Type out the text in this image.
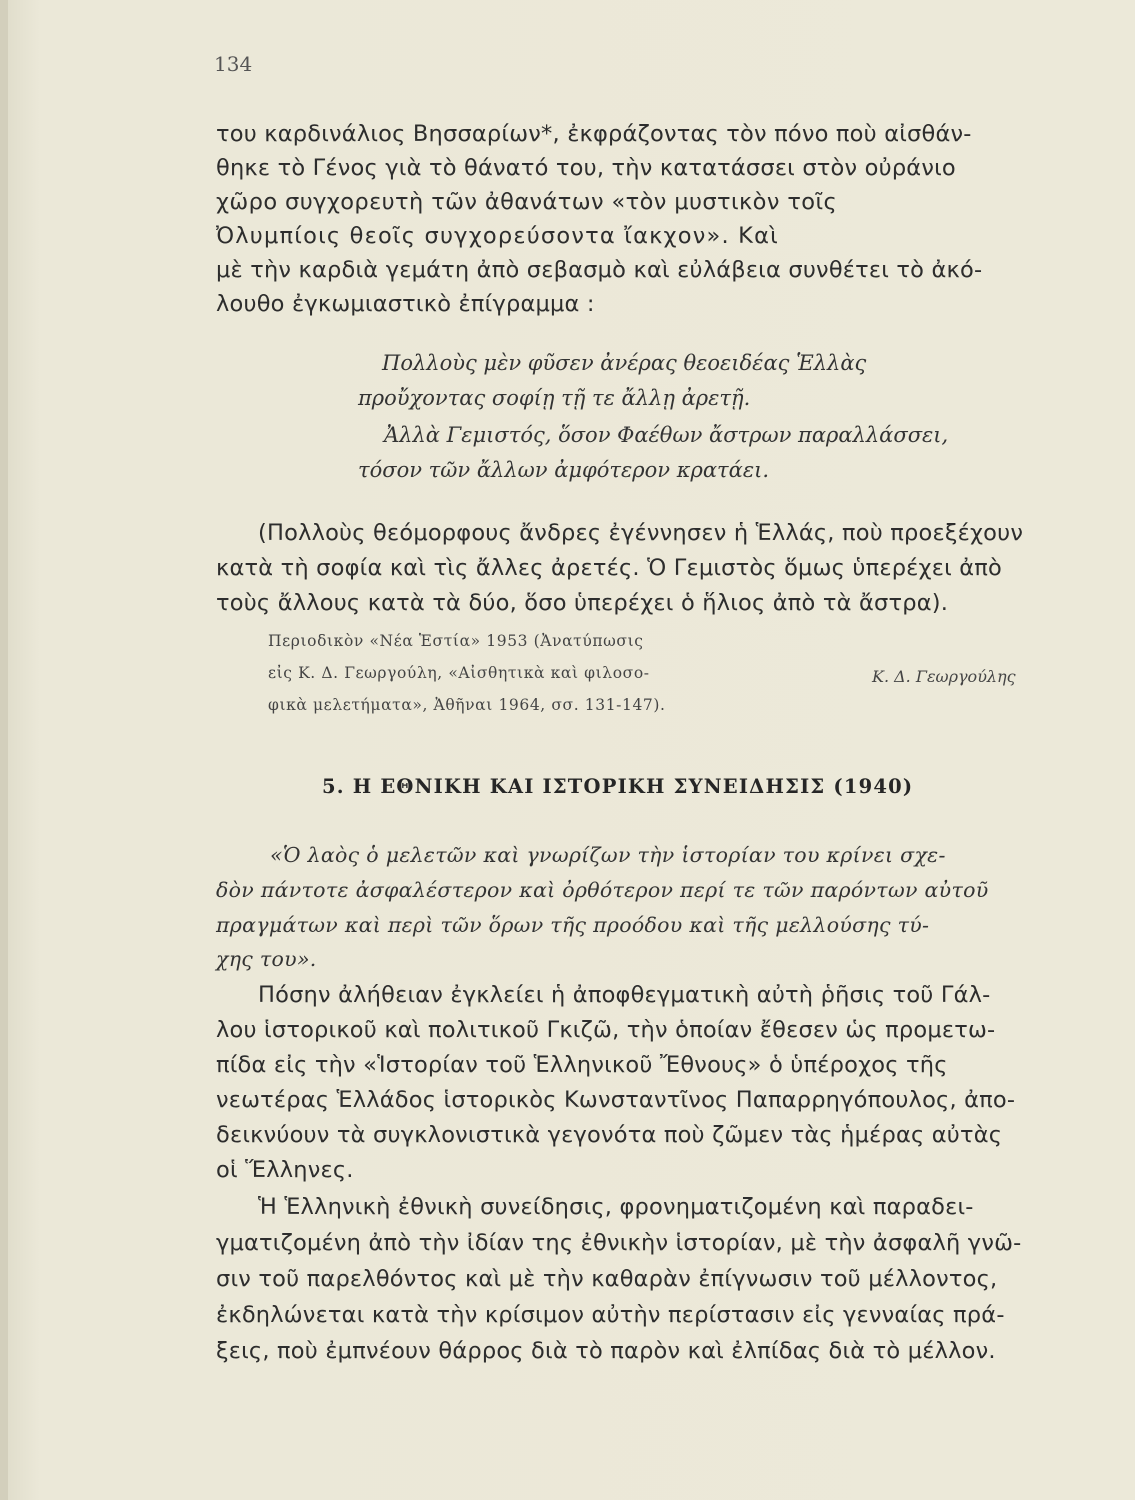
134
του καρδινάλιος Βησσαρίων*, ἐκφράζοντας τὸν πόνο ποὺ αἰσθάν-
θηκε τὸ Γένος γιὰ τὸ θάνατό του, τὴν κατατάσσει στὸν οὐράνιο
χῶρο συγχορευτὴ τῶν ἀθανάτων «τὸν μυστικὸν τοῖς
Ὀλυμπίοις θεοῖς συγχορεύσοντα ἴακχον». Καὶ
μὲ τὴν καρδιὰ γεμάτη ἀπὸ σεβασμὸ καὶ εὐλάβεια συνθέτει τὸ ἀκό-
λουθο ἐγκωμιαστικὸ ἐπίγραμμα :
Πολλοὺς μὲν φῦσεν ἀνέρας θεοειδέας Ἑλλὰς
προὔχοντας σοφίῃ τῇ τε ἄλλῃ ἀρετῇ.
Ἀλλὰ Γεμιστός, ὅσον Φαέθων ἄστρων παραλλάσσει,
τόσον τῶν ἄλλων ἀμφότερον κρατάει.
(Πολλοὺς θεόμορφους ἄνδρες ἐγέννησεν ἡ Ἑλλάς, ποὺ προεξέχουν
κατὰ τὴ σοφία καὶ τὶς ἄλλες ἀρετές. Ὁ Γεμιστὸς ὅμως ὑπερέχει ἀπὸ
τοὺς ἄλλους κατὰ τὰ δύο, ὅσο ὑπερέχει ὁ ἥλιος ἀπὸ τὰ ἄστρα).
Περιοδικὸν «Νέα Ἑστία» 1953 (Ἀνατύπωσις
εἰς Κ. Δ. Γεωργούλη, «Αἰσθητικὰ καὶ φιλοσο-
φικὰ μελετήματα», Ἀθῆναι 1964, σσ. 131-147).
Κ. Δ. Γεωργούλης
5. Η ΕΘΝΙΚΗ ΚΑΙ ΙΣΤΟΡΙΚΗ ΣΥΝΕΙΔΗΣΙΣ (1940)
«Ὁ λαὸς ὁ μελετῶν καὶ γνωρίζων τὴν ἱστορίαν του κρίνει σχε-
δὸν πάντοτε ἀσφαλέστερον καὶ ὀρθότερον περί τε τῶν παρόντων αὐτοῦ
πραγμάτων καὶ περὶ τῶν ὅρων τῆς προόδου καὶ τῆς μελλούσης τύ-
χης του».
Πόσην ἀλήθειαν ἐγκλείει ἡ ἀποφθεγματικὴ αὐτὴ ῥῆσις τοῦ Γάλ-
λου ἱστορικοῦ καὶ πολιτικοῦ Γκιζῶ, τὴν ὁποίαν ἔθεσεν ὡς προμετω-
πίδα εἰς τὴν «Ἱστορίαν τοῦ Ἑλληνικοῦ Ἔθνους» ὁ ὑπέροχος τῆς
νεωτέρας Ἑλλάδος ἱστορικὸς Κωνσταντῖνος Παπαρρηγόπουλος, ἀπο-
δεικνύουν τὰ συγκλονιστικὰ γεγονότα ποὺ ζῶμεν τὰς ἡμέρας αὐτὰς
οἱ Ἕλληνες.
Ἡ Ἑλληνικὴ ἐθνικὴ συνείδησις, φρονηματιζομένη καὶ παραδει-
γματιζομένη ἀπὸ τὴν ἰδίαν της ἐθνικὴν ἱστορίαν, μὲ τὴν ἀσφαλῆ γνῶ-
σιν τοῦ παρελθόντος καὶ μὲ τὴν καθαρὰν ἐπίγνωσιν τοῦ μέλλοντος,
ἐκδηλώνεται κατὰ τὴν κρίσιμον αὐτὴν περίστασιν εἰς γενναίας πρά-
ξεις, ποὺ ἐμπνέουν θάρρος διὰ τὸ παρὸν καὶ ἐλπίδας διὰ τὸ μέλλον.
